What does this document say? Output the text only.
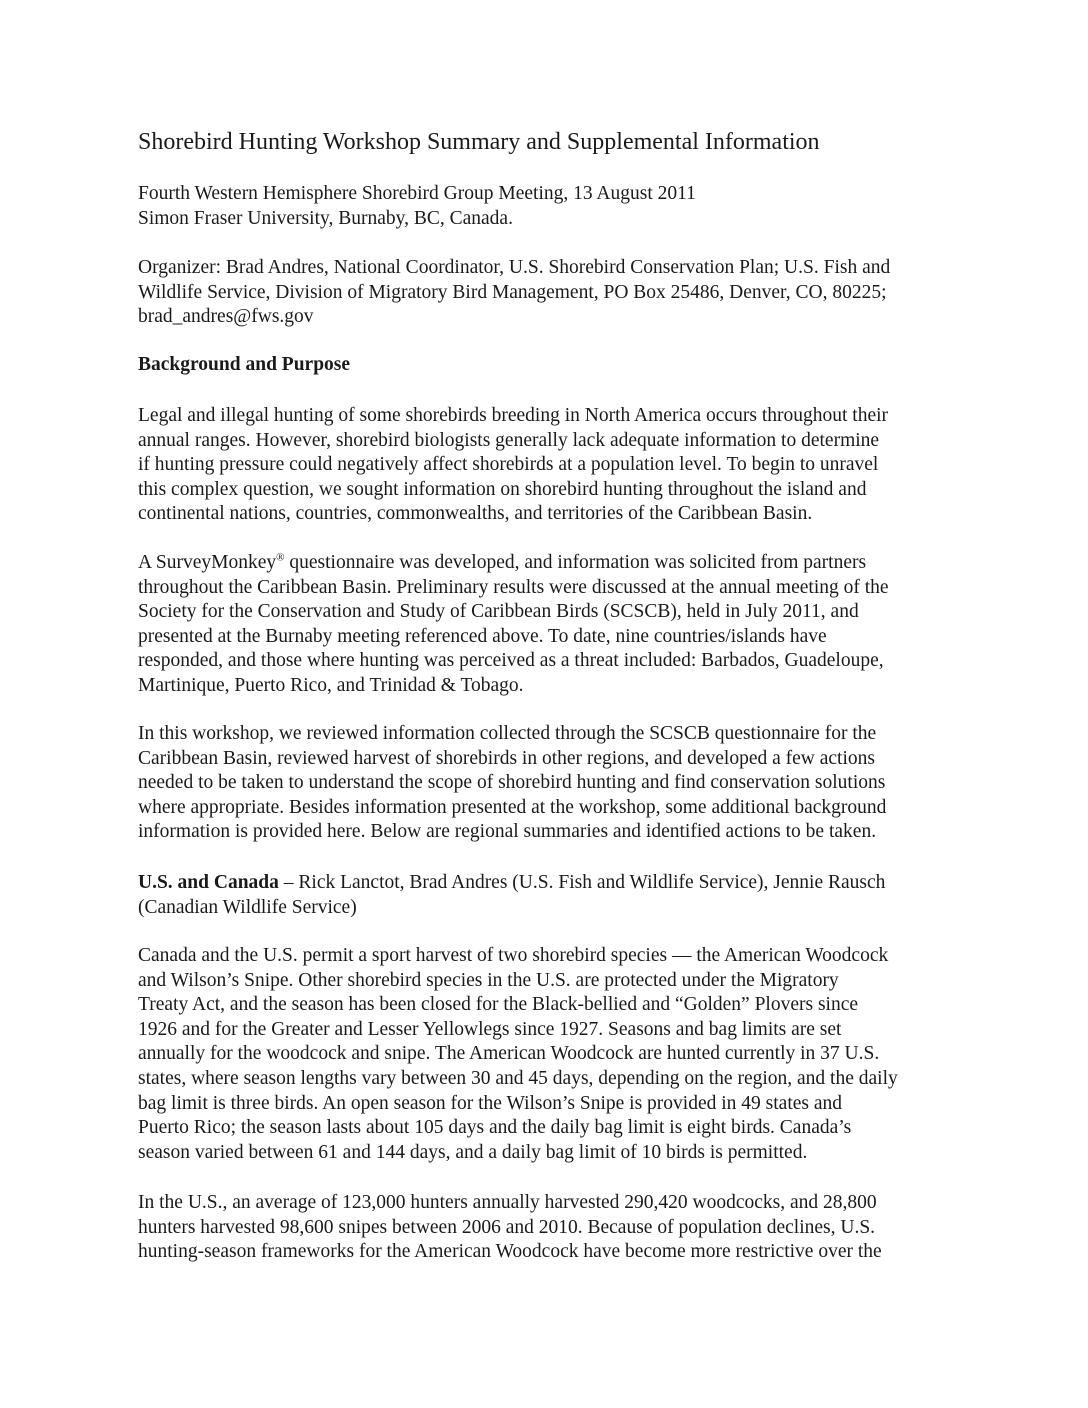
Shorebird Hunting Workshop Summary and Supplemental Information

Fourth Western Hemisphere Shorebird Group Meeting, 13 August 2011
Simon Fraser University, Burnaby, BC, Canada.

Organizer: Brad Andres, National Coordinator, U.S. Shorebird Conservation Plan; U.S. Fish and
Wildlife Service, Division of Migratory Bird Management, PO Box 25486, Denver, CO, 80225;
brad_andres@fws.gov

Background and Purpose

Legal and illegal hunting of some shorebirds breeding in North America occurs throughout their
annual ranges. However, shorebird biologists generally lack adequate information to determine
if hunting pressure could negatively affect shorebirds at a population level. To begin to unravel
this complex question, we sought information on shorebird hunting throughout the island and
continental nations, countries, commonwealths, and territories of the Caribbean Basin.

A SurveyMonkey® questionnaire was developed, and information was solicited from partners
throughout the Caribbean Basin. Preliminary results were discussed at the annual meeting of the
Society for the Conservation and Study of Caribbean Birds (SCSCB), held in July 2011, and
presented at the Burnaby meeting referenced above. To date, nine countries/islands have
responded, and those where hunting was perceived as a threat included: Barbados, Guadeloupe,
Martinique, Puerto Rico, and Trinidad & Tobago.

In this workshop, we reviewed information collected through the SCSCB questionnaire for the
Caribbean Basin, reviewed harvest of shorebirds in other regions, and developed a few actions
needed to be taken to understand the scope of shorebird hunting and find conservation solutions
where appropriate. Besides information presented at the workshop, some additional background
information is provided here. Below are regional summaries and identified actions to be taken.

U.S. and Canada – Rick Lanctot, Brad Andres (U.S. Fish and Wildlife Service), Jennie Rausch
(Canadian Wildlife Service)

Canada and the U.S. permit a sport harvest of two shorebird species — the American Woodcock
and Wilson’s Snipe. Other shorebird species in the U.S. are protected under the Migratory
Treaty Act, and the season has been closed for the Black-bellied and “Golden” Plovers since
1926 and for the Greater and Lesser Yellowlegs since 1927. Seasons and bag limits are set
annually for the woodcock and snipe. The American Woodcock are hunted currently in 37 U.S.
states, where season lengths vary between 30 and 45 days, depending on the region, and the daily
bag limit is three birds. An open season for the Wilson’s Snipe is provided in 49 states and
Puerto Rico; the season lasts about 105 days and the daily bag limit is eight birds. Canada’s
season varied between 61 and 144 days, and a daily bag limit of 10 birds is permitted.

In the U.S., an average of 123,000 hunters annually harvested 290,420 woodcocks, and 28,800
hunters harvested 98,600 snipes between 2006 and 2010. Because of population declines, U.S.
hunting-season frameworks for the American Woodcock have become more restrictive over the
